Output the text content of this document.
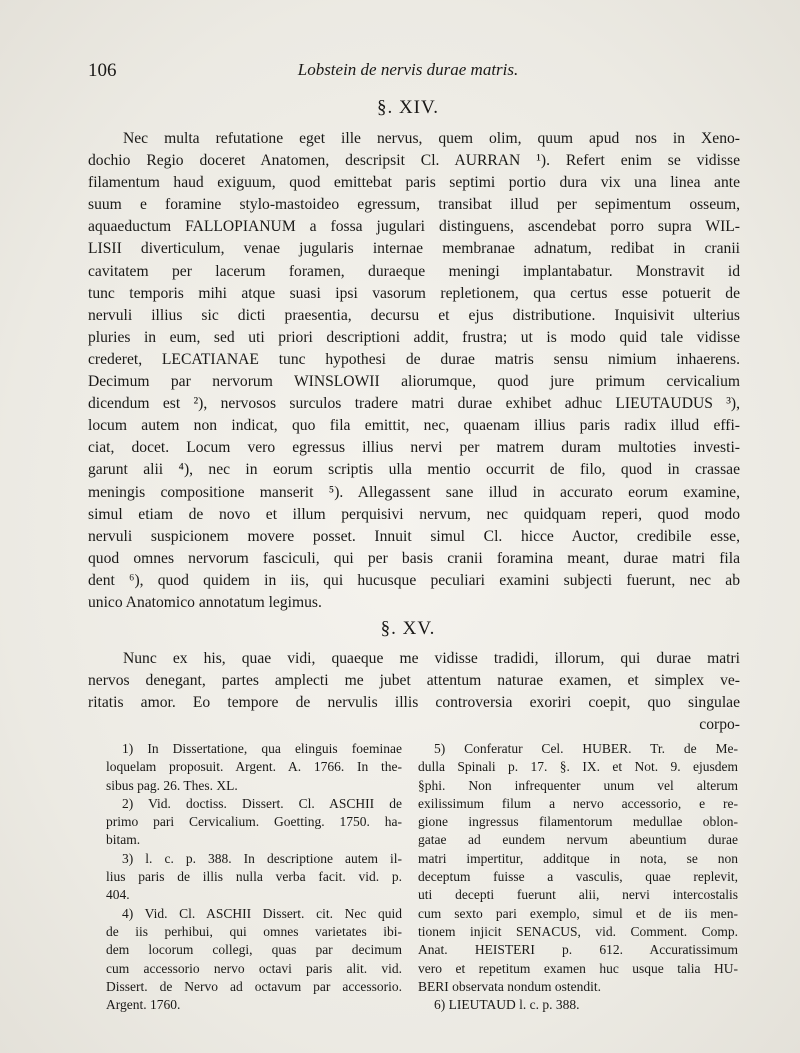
106	Lobstein de nervis durae matris.
§. XIV.
Nec multa refutatione eget ille nervus, quem olim, quum apud nos in Xeno-
dochio Regio doceret Anatomen, descripsit Cl. AURRAN ¹). Refert enim se vidisse
filamentum haud exiguum, quod emittebat paris septimi portio dura vix una linea ante
suum e foramine stylo-mastoideo egressum, transibat illud per sepimentum osseum,
aquaeductum FALLOPIANUM a fossa jugulari distinguens, ascendebat porro supra WIL-
LISII diverticulum, venae jugularis internae membranae adnatum, redibat in cranii
cavitatem per lacerum foramen, duraeque meningi implantabatur. Monstravit id
tunc temporis mihi atque suasi ipsi vasorum repletionem, qua certus esse potuerit de
nervuli illius sic dicti praesentia, decursu et ejus distributione. Inquisivit ulterius
pluries in eum, sed uti priori descriptioni addit, frustra; ut is modo quid tale vidisse
crederet, LECATIANAE tunc hypothesi de durae matris sensu nimium inhaerens.
Decimum par nervorum WINSLOWII aliorumque, quod jure primum cervicalium
dicendum est ²), nervosos surculos tradere matri durae exhibet adhuc LIEUTAUDUS ³),
locum autem non indicat, quo fila emittit, nec, quaenam illius paris radix illud effi-
ciat, docet. Locum vero egressus illius nervi per matrem duram multoties investi-
garunt alii ⁴), nec in eorum scriptis ulla mentio occurrit de filo, quod in crassae
meningis compositione manserit ⁵). Allegassent sane illud in accurato eorum examine,
simul etiam de novo et illum perquisivi nervum, nec quidquam reperi, quod modo
nervuli suspicionem movere posset. Innuit simul Cl. hicce Auctor, credibile esse,
quod omnes nervorum fasciculi, qui per basis cranii foramina meant, durae matri fila
dent ⁶), quod quidem in iis, qui hucusque peculiari examini subjecti fuerunt, nec ab
unico Anatomico annotatum legimus.
§. XV.
Nunc ex his, quae vidi, quaeque me vidisse tradidi, illorum, qui durae matri
nervos denegant, partes amplecti me jubet attentum naturae examen, et simplex ve-
ritatis amor. Eo tempore de nervulis illis controversia exoriri coepit, quo singulae
corpo-
1) In Dissertatione, qua elinguis foeminae
loquelam proposuit. Argent. A. 1766. In the-
sibus pag. 26. Thes. XL.
2) Vid. doctiss. Dissert. Cl. ASCHII de
primo pari Cervicalium. Goetting. 1750. ha-
bitam.
3) l. c. p. 388. In descriptione autem il-
lius paris de illis nulla verba facit. vid. p.
404.
4) Vid. Cl. ASCHII Dissert. cit. Nec quid
de iis perhibui, qui omnes varietates ibi-
dem locorum collegi, quas par decimum
cum accessorio nervo octavi paris alit. vid.
Dissert. de Nervo ad octavum par accessorio.
Argent. 1760.
5) Conferatur Cel. HUBER. Tr. de Me-
dulla Spinali p. 17. §. IX. et Not. 9. ejusdem
§phi. Non infrequenter unum vel alterum
exilissimum filum a nervo accessorio, e re-
gione ingressus filamentorum medullae oblon-
gatae ad eundem nervum abeuntium durae
matri impertitur, additque in nota, se non
deceptum fuisse a vasculis, quae replevit,
uti decepti fuerunt alii, nervi intercostalis
cum sexto pari exemplo, simul et de iis men-
tionem injicit SENACUS, vid. Comment. Comp.
Anat. HEISTERI p. 612. Accuratissimum
vero et repetitum examen huc usque talia HU-
BERI observata nondum ostendit.
6) LIEUTAUD l. c. p. 388.
